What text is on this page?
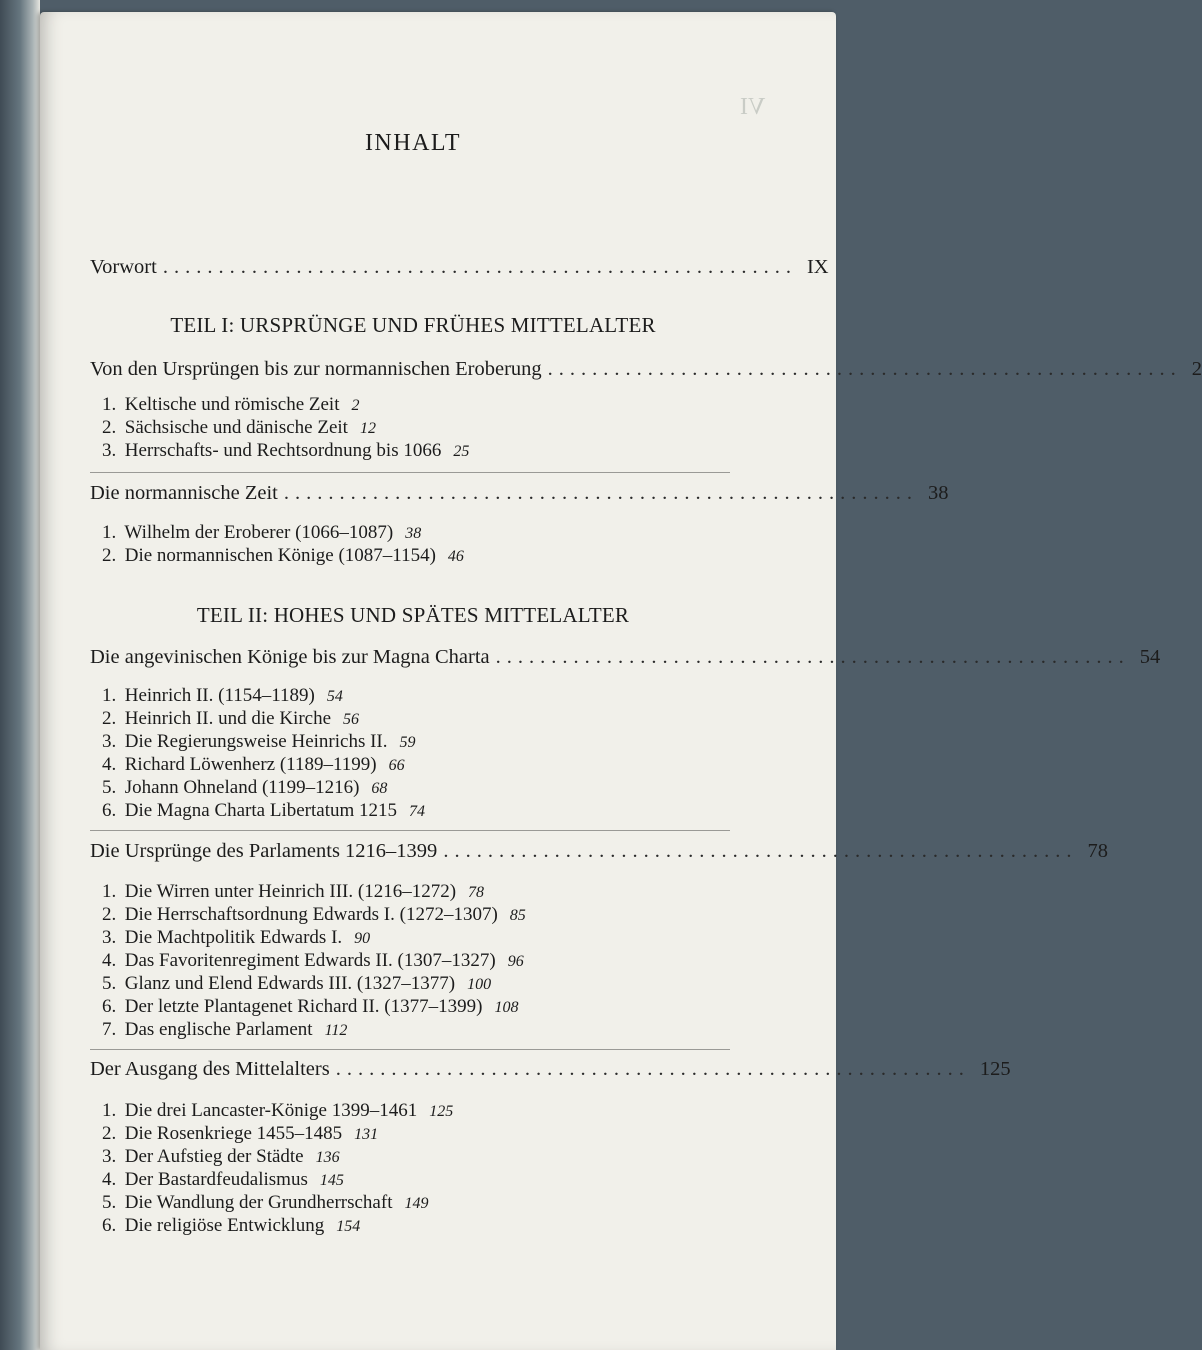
VI
INHALT
Vorwort ......................................................... IX
TEIL I: URSPRÜNGE UND FRÜHES MITTELALTER
Von den Ursprüngen bis zur normannischen Eroberung ......................................................... 2
1. Keltische und römische Zeit 2
2. Sächsische und dänische Zeit 12
3. Herrschafts- und Rechtsordnung bis 1066 25
Die normannische Zeit ......................................................... 38
1. Wilhelm der Eroberer (1066–1087) 38
2. Die normannischen Könige (1087–1154) 46
TEIL II: HOHES UND SPÄTES MITTELALTER
Die angevinischen Könige bis zur Magna Charta ......................................................... 54
1. Heinrich II. (1154–1189) 54
2. Heinrich II. und die Kirche 56
3. Die Regierungsweise Heinrichs II. 59
4. Richard Löwenherz (1189–1199) 66
5. Johann Ohneland (1199–1216) 68
6. Die Magna Charta Libertatum 1215 74
Die Ursprünge des Parlaments 1216–1399 ......................................................... 78
1. Die Wirren unter Heinrich III. (1216–1272) 78
2. Die Herrschaftsordnung Edwards I. (1272–1307) 85
3. Die Machtpolitik Edwards I. 90
4. Das Favoritenregiment Edwards II. (1307–1327) 96
5. Glanz und Elend Edwards III. (1327–1377) 100
6. Der letzte Plantagenet Richard II. (1377–1399) 108
7. Das englische Parlament 112
Der Ausgang des Mittelalters ......................................................... 125
1. Die drei Lancaster-Könige 1399–1461 125
2. Die Rosenkriege 1455–1485 131
3. Der Aufstieg der Städte 136
4. Der Bastardfeudalismus 145
5. Die Wandlung der Grundherrschaft 149
6. Die religiöse Entwicklung 154
